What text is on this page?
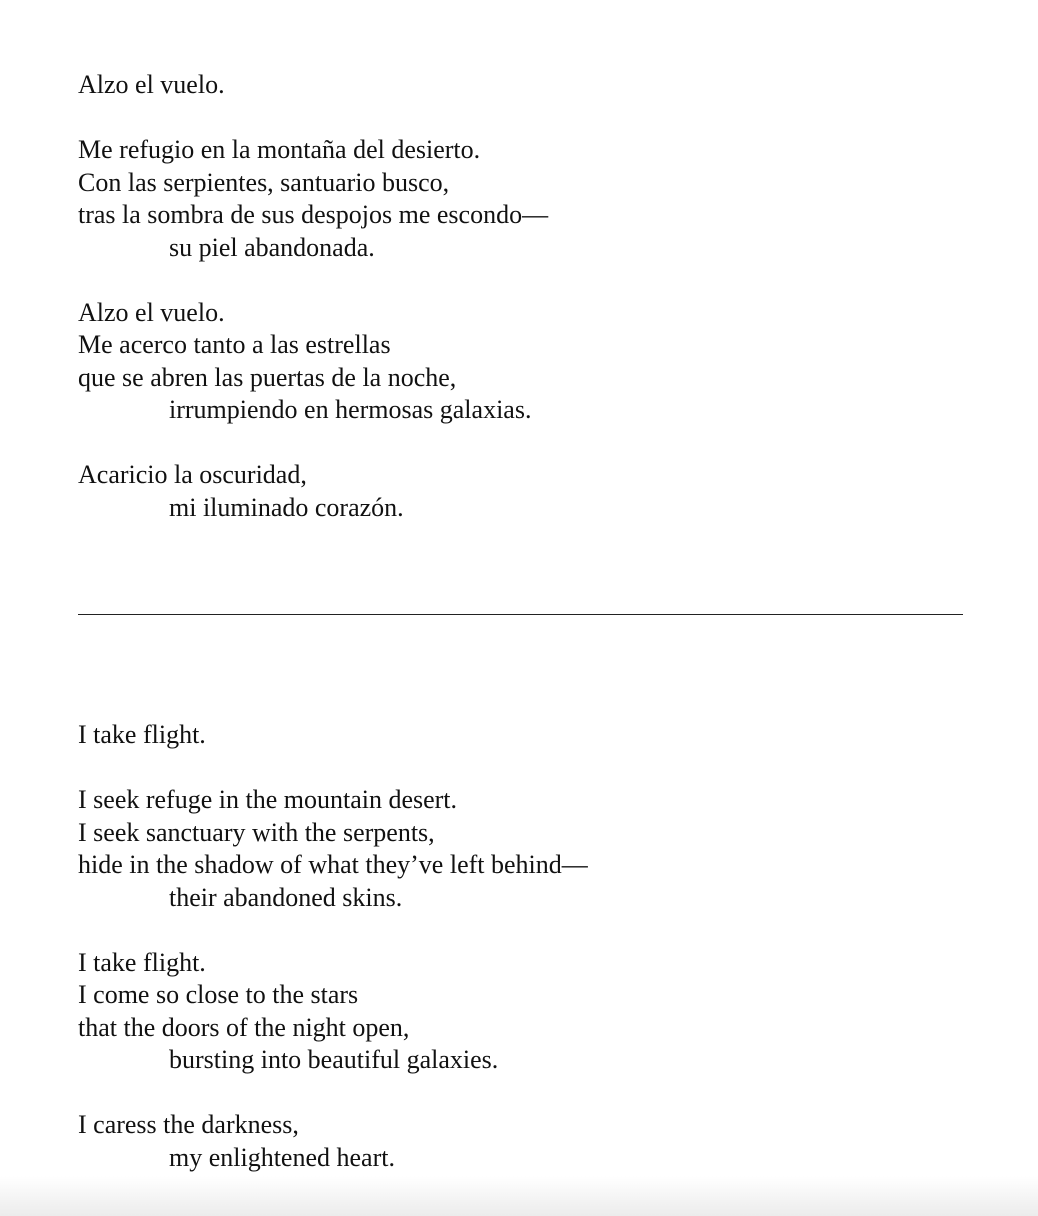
Alzo el vuelo.
Me refugio en la montaña del desierto.
Con las serpientes, santuario busco,
tras la sombra de sus despojos me escondo—
su piel abandonada.
Alzo el vuelo.
Me acerco tanto a las estrellas
que se abren las puertas de la noche,
irrumpiendo en hermosas galaxias.
Acaricio la oscuridad,
mi iluminado corazón.
I take flight.
I seek refuge in the mountain desert.
I seek sanctuary with the serpents,
hide in the shadow of what they’ve left behind—
their abandoned skins.
I take flight.
I come so close to the stars
that the doors of the night open,
bursting into beautiful galaxies.
I caress the darkness,
my enlightened heart.
